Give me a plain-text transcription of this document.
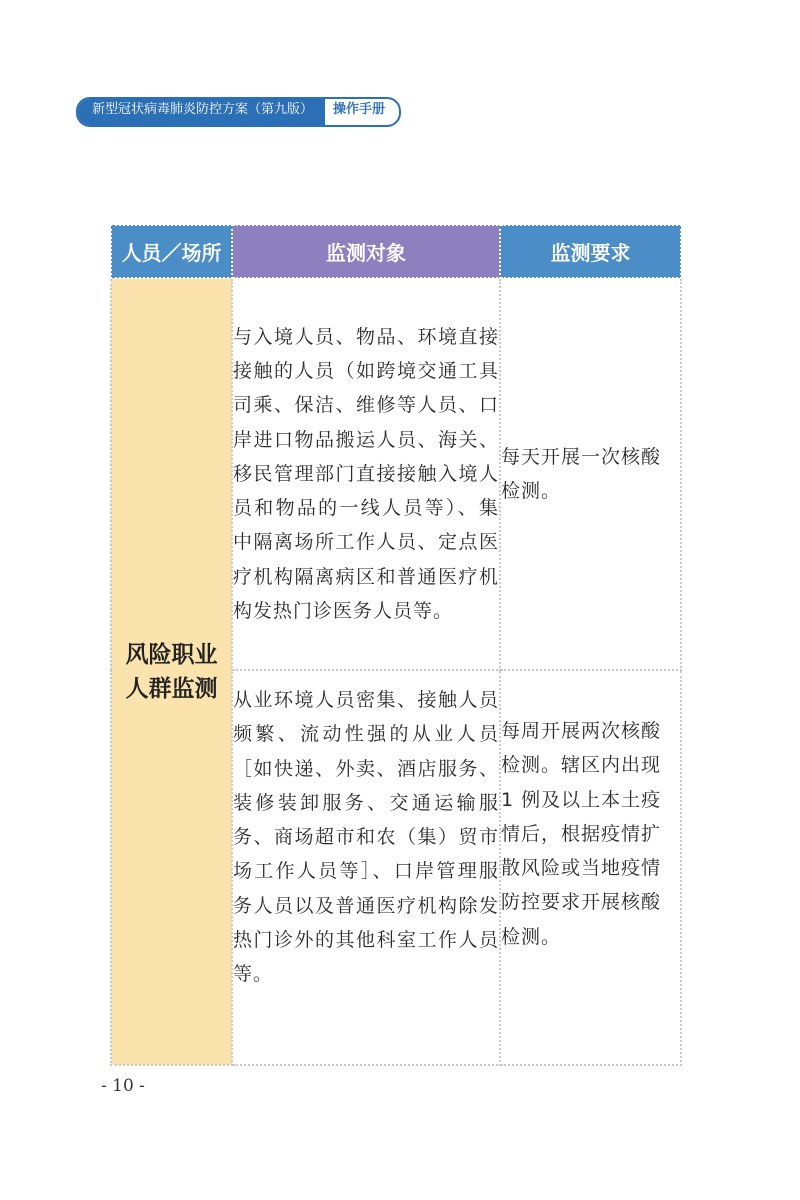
新型冠状病毒肺炎防控方案（第九版）	操作手册
人员／场所	监测对象	监测要求

风险职业人群监测	与入境人员、物品、环境直接接触的人员（如跨境交通工具司乘、保洁、维修等人员、口岸进口物品搬运人员、海关、移民管理部门直接接触入境人员和物品的一线人员等）、集中隔离场所工作人员、定点医疗机构隔离病区和普通医疗机构发热门诊医务人员等。	每天开展一次核酸检测。
	从业环境人员密集、接触人员频繁、流动性强的从业人员［如快递、外卖、酒店服务、装修装卸服务、交通运输服务、商场超市和农（集）贸市场工作人员等］、口岸管理服务人员以及普通医疗机构除发热门诊外的其他科室工作人员等。	每周开展两次核酸检测。辖区内出现 1 例及以上本土疫情后，根据疫情扩散风险或当地疫情防控要求开展核酸检测。
- 10 -
